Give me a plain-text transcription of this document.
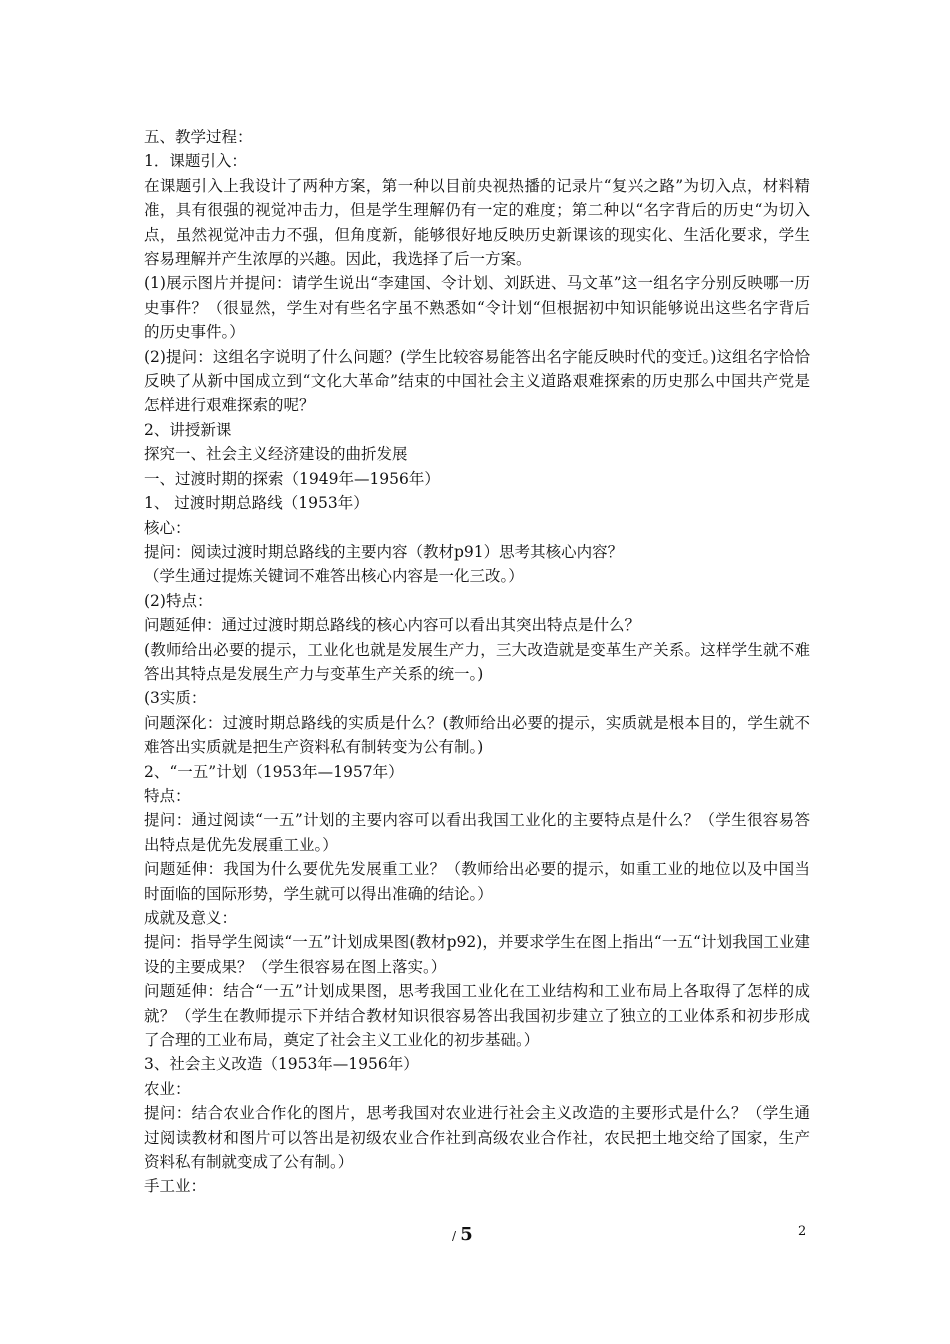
五、教学过程：

1．课题引入：

在课题引入上我设计了两种方案，第一种以目前央视热播的记录片“复兴之路”为切入点，材料精准，具有很强的视觉冲击力，但是学生理解仍有一定的难度；第二种以“名字背后的历史“为切入点，虽然视觉冲击力不强，但角度新，能够很好地反映历史新课该的现实化、生活化要求，学生容易理解并产生浓厚的兴趣。因此，我选择了后一方案。

(1)展示图片并提问：请学生说出“李建国、令计划、刘跃进、马文革”这一组名字分别反映哪一历史事件？（很显然，学生对有些名字虽不熟悉如“令计划“但根据初中知识能够说出这些名字背后的历史事件。）

(2)提问：这组名字说明了什么问题？(学生比较容易能答出名字能反映时代的变迁。)这组名字恰恰反映了从新中国成立到“文化大革命”结束的中国社会主义道路艰难探索的历史那么中国共产党是怎样进行艰难探索的呢？

2、讲授新课

探究一、社会主义经济建设的曲折发展

一、过渡时期的探索（1949年—1956年）

1、 过渡时期总路线（1953年）

核心：

提问：阅读过渡时期总路线的主要内容（教材p91）思考其核心内容？

（学生通过提炼关键词不难答出核心内容是一化三改。）

(2)特点：

问题延伸：通过过渡时期总路线的核心内容可以看出其突出特点是什么？

(教师给出必要的提示，工业化也就是发展生产力，三大改造就是变革生产关系。这样学生就不难答出其特点是发展生产力与变革生产关系的统一。)

(3实质：

问题深化：过渡时期总路线的实质是什么？(教师给出必要的提示，实质就是根本目的，学生就不难答出实质就是把生产资料私有制转变为公有制。)

2、“一五”计划（1953年—1957年）

特点：

提问：通过阅读“一五”计划的主要内容可以看出我国工业化的主要特点是什么？（学生很容易答出特点是优先发展重工业。）

问题延伸：我国为什么要优先发展重工业？（教师给出必要的提示，如重工业的地位以及中国当时面临的国际形势，学生就可以得出准确的结论。）

成就及意义：

提问：指导学生阅读“一五”计划成果图(教材p92)，并要求学生在图上指出“一五“计划我国工业建设的主要成果？（学生很容易在图上落实。）

问题延伸：结合“一五”计划成果图，思考我国工业化在工业结构和工业布局上各取得了怎样的成就？（学生在教师提示下并结合教材知识很容易答出我国初步建立了独立的工业体系和初步形成了合理的工业布局，奠定了社会主义工业化的初步基础。）

3、社会主义改造（1953年—1956年）

农业：

提问：结合农业合作化的图片，思考我国对农业进行社会主义改造的主要形式是什么？（学生通过阅读教材和图片可以答出是初级农业合作社到高级农业合作社，农民把土地交给了国家，生产资料私有制就变成了公有制。）

手工业：

/ 5	2
